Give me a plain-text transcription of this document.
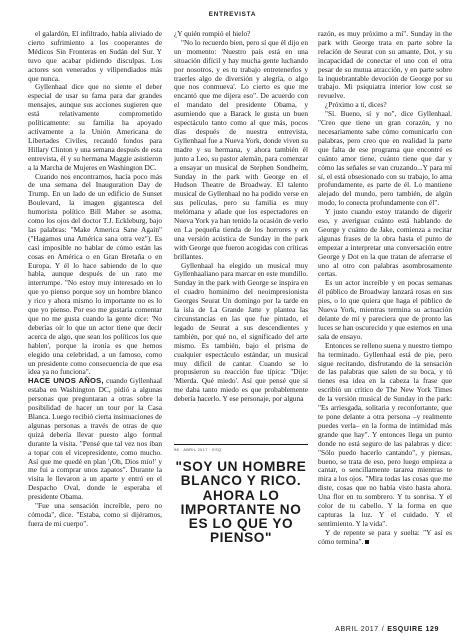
ENTREVISTA

el galardón, El infiltrado, había aliviado de cierto sufrimiento a los cooperantes de Médicos Sin Fronteras en Sudán del Sur. Y tuvo que acabar pidiendo disculpas. Los actores son venerados y vilipendiados más que nunca.

Gyllenhaal dice que no siente el deber especial de usar su fama para dar grandes mensajes, aunque sus acciones sugieren que está relativamente comprometido políticamente: su familia ha apoyado activamente a la Unión Americana de Libertades Civiles, recaudó fondos para Hillary Clinton y una semana después de esta entrevista, él y su hermana Maggie asistieron a la Marcha de Mujeres en Washington DC.

Cuando nos encontramos, hacía poco más de una semana del Inauguration Day de Trump. En un lado de un edificio de Sunset Boulevard, la imagen gigantesca del humorista político Bill Maher se asoma, como los ojos del doctor T.J. Eckleburg, bajo las palabras: "Make America Sane Again" ("Hagamos una América sana otra vez"). Es casi imposible no hablar de cómo están las cosas en América o en Gran Bretaña o en Europa. Y él lo hace sabiendo de lo que habla, aunque después de un rato me interrumpe. "No estoy muy interesado en lo que yo pienso porque soy un hombre blanco y rico y ahora mismo lo importante no es lo que yo pienso. Por eso me gustaría comentar que no me gusta cuando la gente dice: 'No deberías oír lo que un actor tiene que decir acerca de algo, que sean los políticos los que hablen', porque la ironía es que hemos elegido una celebridad, a un famoso, como un presidente como consecuencia de que esa idea ya no funciona".

HACE UNOS AÑOS, cuando Gyllenhaal estaba en Washington DC, pidió a algunas personas que preguntaran a otras sobre la posibilidad de hacer un tour por la Casa Blanca. Luego recibió cierta insinuaciones de algunas personas a través de otras de que quizá debería llevar puesto algo formal durante la visita. "Pensé que tal vez nos iban a topar con el vicepresidente, como mucho. Así que me quedé en plan '¡Oh, Dios mío!' y me fui a comprar unos zapatos". Durante la visita le llevaron a un aparte y entró en el Despacho Oval, donde le esperaba el presidente Obama.

"Fue una sensación increíble, pero no cómoda", dice. "Estaba, como si dijéramos, fuera de mi cuerpo".

¿Y quién rompió el hielo?

"No lo recuerdo bien, pero sí que él dijo en un momento: 'Nuestro país está en una situación difícil y hay mucha gente luchando por nosotros, y es tu trabajo entretenerlos y traerles algo de diversión y alegría, o algo que nos conmueva'. Lo cierto es que me encantó que me dijera eso". De acuerdo con el mandato del presidente Obama, y asumiendo que a Barack le gusta un buen espectáculo tanto como al que más, pocos días después de nuestra entrevista, Gyllenhaal fue a Nueva York, donde viven su madre y su hermana, y ahora también él junto a Leo, su pastor alemán, para comenzar a ensayar un musical de Stephen Sondheim, Sunday in the park with George en el Hudson Theatre de Broadway. El talento musical de Gyllenhaal no ha podido verse en sus películas, pero su familia es muy melómana y añade que los espectadores en Nueva York ya han tenido la ocasión de verlo en La pequeña tienda de los horrores y en una versión acústica de Sunday in the park with George que fueron acogidas con críticas brillantes.

Gyllenhaal ha elegido un musical muy Gyllenhaaliano para marcar en este mundillo. Sunday in the park with George se inspira en el cuadro hominimo del neoimpresionista Georges Seurat Un domingo por la tarde en la isla de La Grande Jatte y plantea las circunstancias en las que fue pintado, el legado de Seurat a sus descendientes y también, por qué no, el significado del arte mismo. Es también, bajo el prisma de cualquier espectáculo estándar, un musical muy difícil de cantar. Cuando se lo propusieron su reacción fue típica: "Dije: 'Mierda. Qué miedo'. Así que pensé que si me daba tanto miedo es que probablemente debería hacerlo. Y ese personaje, por alguna

98 · ABRIL 2017 · ESQ
"SOY UN HOMBRE BLANCO Y RICO. AHORA LO IMPORTANTE NO ES LO QUE YO PIENSO"

razón, es muy próximo a mí". Sunday in the park with George trata en parte sobre la relación de Seurat con su amante, Dot, y su incapacidad de conectar el uno con el otra pesar de su mutua atracción, y en parte sobre la inquebrantable devoción de George por su trabajo. Mi psiquiatra interior low cost se revuelve.

¿Próximo a ti, dices?

"Sí. Bueno, sí y no", dice Gyllenhaal. "Creo que tiene un gran corazón, y no necesariamente sabe cómo comunicarlo con palabras, pero creo que en realidad la parte que falta de ese programa que encontré es cuánto amor tiene, cuánto tiene que dar y cómo las señales se van cruzando...Y para mí sí, el está obsesionado con su trabajo, lo ama profundamente, es parte de él. Lo mantiene alejado del mundo, pero también, de algún modo, lo conecta profundamente con él".

Y justo cuando estoy tratando de digerir eso, y averiguar cuánto está hablando de George y cuánto de Jake, comienza a recitar algunas frases de la obra hasta el punto de empezar a interpretar una conversación entre George y Dot en la que tratan de aferrarse el uno al otro con palabras asombrosamente certas.

Es un actor increíble y en pocas semanas él público de Broadway lanzará rosas en sus pies, o lo que quiera que haga el público de Nueva York, mientras termina su actuación delante de mí y pareciera que de pronto las luces se han oscurecido y que estemos en una sala de ensayo.

Entonces se relleno suena y nuestro tiempo ha terminado. Gyllenhaal está de pie, pero sigue recitando, disfrutando de la sensación de las palabras que salen de su boca, y tú tienes esa idea en la cabeza la frase que escribió un crítico de The New York Times de la versión musical de Sunday in the park: "Es arriesgada, solitaria y reconfortante, que te pone delante a otra persona –y realmente puedes verla– en la forma de intimidad más grande que hay". Y entonces llega un punto donde no está seguro de las palabras y dice: "Sólo puedo hacerlo cantando", y piensas, bueno, se trata de eso, pero luego empieza a cantar, o sencillamente tararea mientras te mira a los ojos. "Mira todas las cosas que me diste, cosas que no había visto hasta ahora. Una flor en tu sombrero. Y tu sonrisa. Y el color de tu cabello. Y la forma en que capturas la luz. Y el cuidado. Y el sentimiento. Y la vida".

Y de repente se para y suelta: "Y así es cómo termina".

ABRIL 2017 / ESQUIRE 129
